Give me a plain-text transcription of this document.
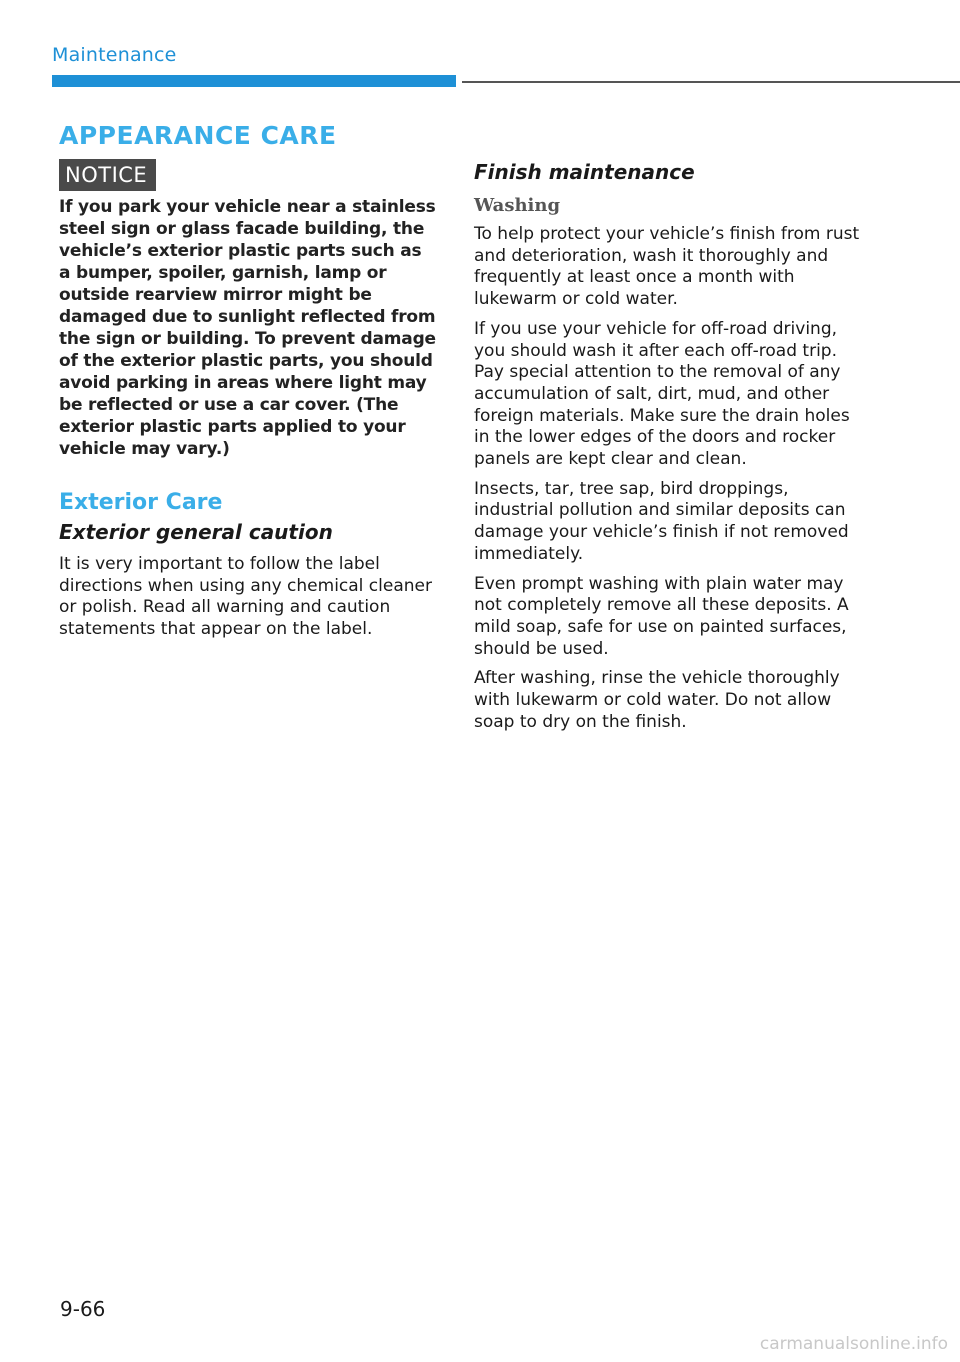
Maintenance
APPEARANCE CARE
NOTICE

If you park your vehicle near a stainless steel sign or glass facade building, the vehicle’s exterior plastic parts such as a bumper, spoiler, garnish, lamp or outside rearview mirror might be damaged due to sunlight reflected from the sign or building. To prevent damage of the exterior plastic parts, you should avoid parking in areas where light may be reflected or use a car cover. (The exterior plastic parts applied to your vehicle may vary.)

Exterior Care
Exterior general caution

It is very important to follow the label directions when using any chemical cleaner or polish. Read all warning and caution statements that appear on the label.

Finish maintenance
Washing

To help protect your vehicle’s finish from rust and deterioration, wash it thoroughly and frequently at least once a month with lukewarm or cold water.

If you use your vehicle for off-road driving, you should wash it after each off-road trip. Pay special attention to the removal of any accumulation of salt, dirt, mud, and other foreign materials. Make sure the drain holes in the lower edges of the doors and rocker panels are kept clear and clean.

Insects, tar, tree sap, bird droppings, industrial pollution and similar deposits can damage your vehicle’s finish if not removed immediately.

Even prompt washing with plain water may not completely remove all these deposits. A mild soap, safe for use on painted surfaces, should be used.

After washing, rinse the vehicle thoroughly with lukewarm or cold water. Do not allow soap to dry on the finish.

9-66
carmanualsonline.info
